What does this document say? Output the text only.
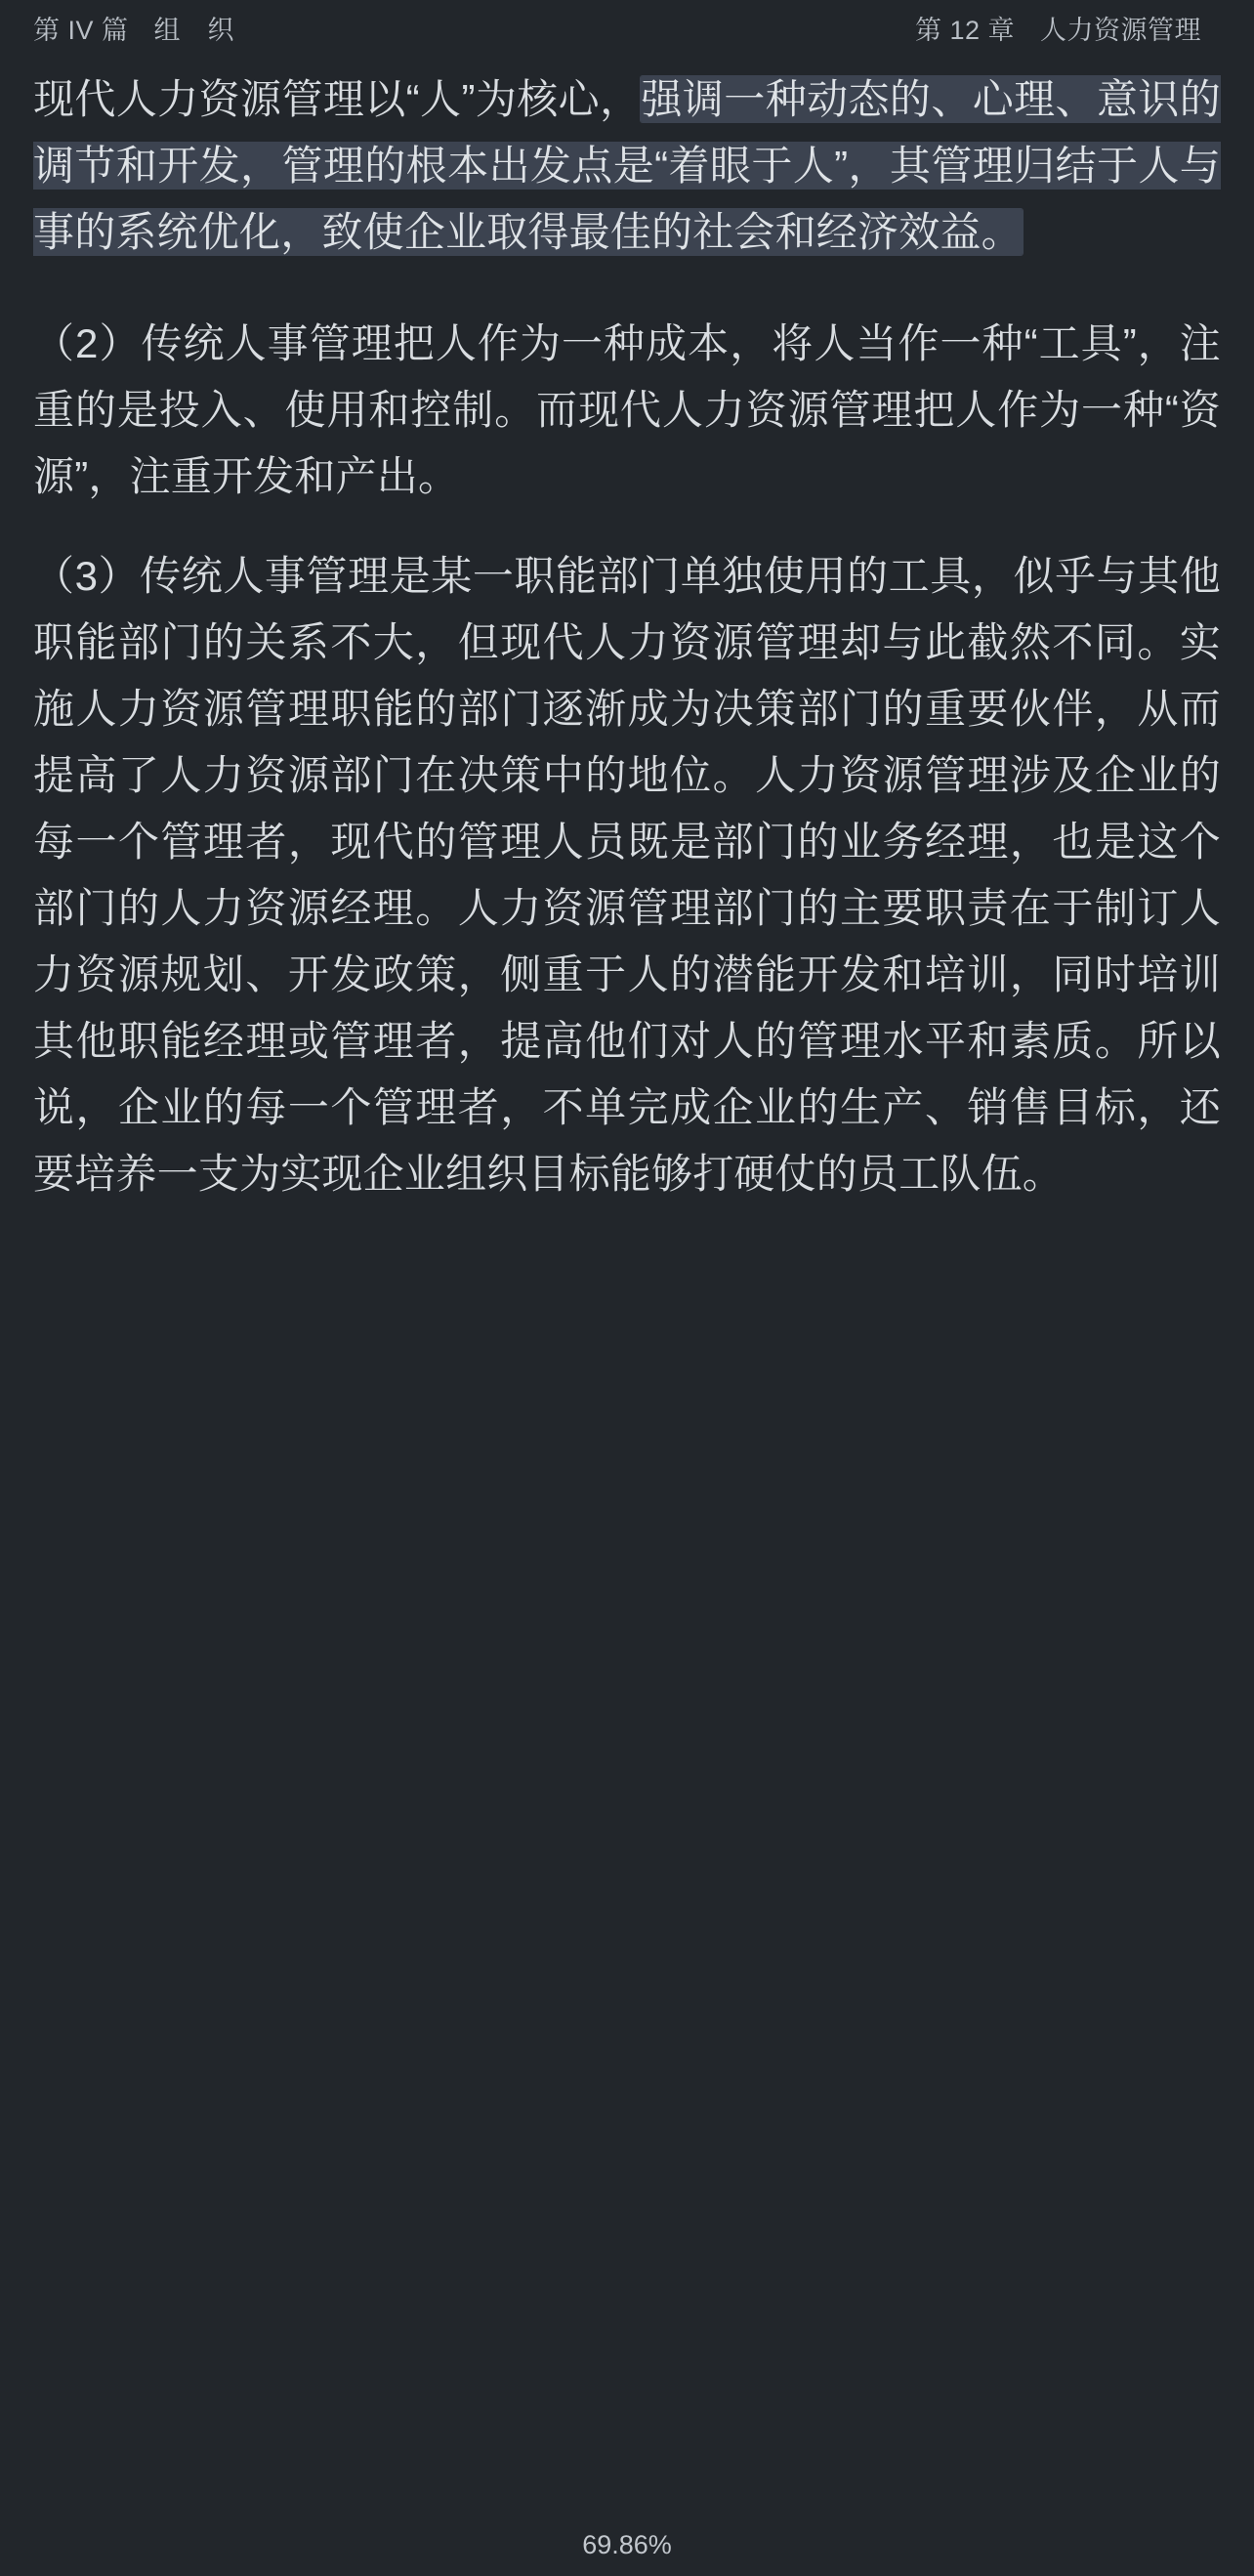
第 IV 篇 组　织	第 12 章 人力资源管理

现代人力资源管理以“人”为核心，强调一种动态的、心理、意识的调节和开发，管理的根本出发点是“着眼于人”，其管理归结于人与事的系统优化，致使企业取得最佳的社会和经济效益。

（2）传统人事管理把人作为一种成本，将人当作一种“工具”，注重的是投入、使用和控制。而现代人力资源管理把人作为一种“资源”，注重开发和产出。

（3）传统人事管理是某一职能部门单独使用的工具，似乎与其他职能部门的关系不大，但现代人力资源管理却与此截然不同。实施人力资源管理职能的部门逐渐成为决策部门的重要伙伴，从而提高了人力资源部门在决策中的地位。人力资源管理涉及企业的每一个管理者，现代的管理人员既是部门的业务经理，也是这个部门的人力资源经理。人力资源管理部门的主要职责在于制订人力资源规划、开发政策，侧重于人的潜能开发和培训，同时培训其他职能经理或管理者，提高他们对人的管理水平和素质。所以说，企业的每一个管理者，不单完成企业的生产、销售目标，还要培养一支为实现企业组织目标能够打硬仗的员工队伍。

69.86%
